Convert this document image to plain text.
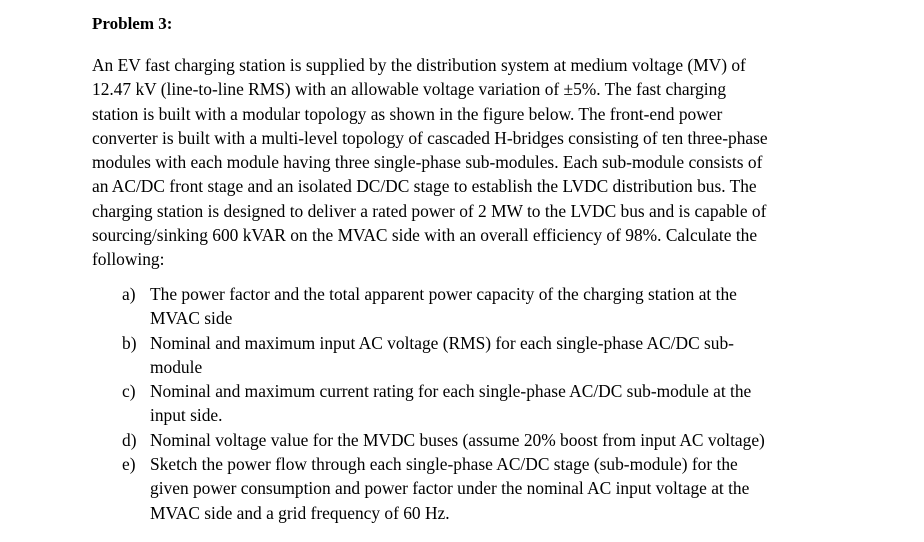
Problem 3:
An EV fast charging station is supplied by the distribution system at medium voltage (MV) of
12.47 kV (line-to-line RMS) with an allowable voltage variation of ±5%. The fast charging
station is built with a modular topology as shown in the figure below. The front-end power
converter is built with a multi-level topology of cascaded H-bridges consisting of ten three-phase
modules with each module having three single-phase sub-modules. Each sub-module consists of
an AC/DC front stage and an isolated DC/DC stage to establish the LVDC distribution bus. The
charging station is designed to deliver a rated power of 2 MW to the LVDC bus and is capable of
sourcing/sinking 600 kVAR on the MVAC side with an overall efficiency of 98%. Calculate the
following:
a) The power factor and the total apparent power capacity of the charging station at the
MVAC side
b) Nominal and maximum input AC voltage (RMS) for each single-phase AC/DC sub-
module
c) Nominal and maximum current rating for each single-phase AC/DC sub-module at the
input side.
d) Nominal voltage value for the MVDC buses (assume 20% boost from input AC voltage)
e) Sketch the power flow through each single-phase AC/DC stage (sub-module) for the
given power consumption and power factor under the nominal AC input voltage at the
MVAC side and a grid frequency of 60 Hz.
